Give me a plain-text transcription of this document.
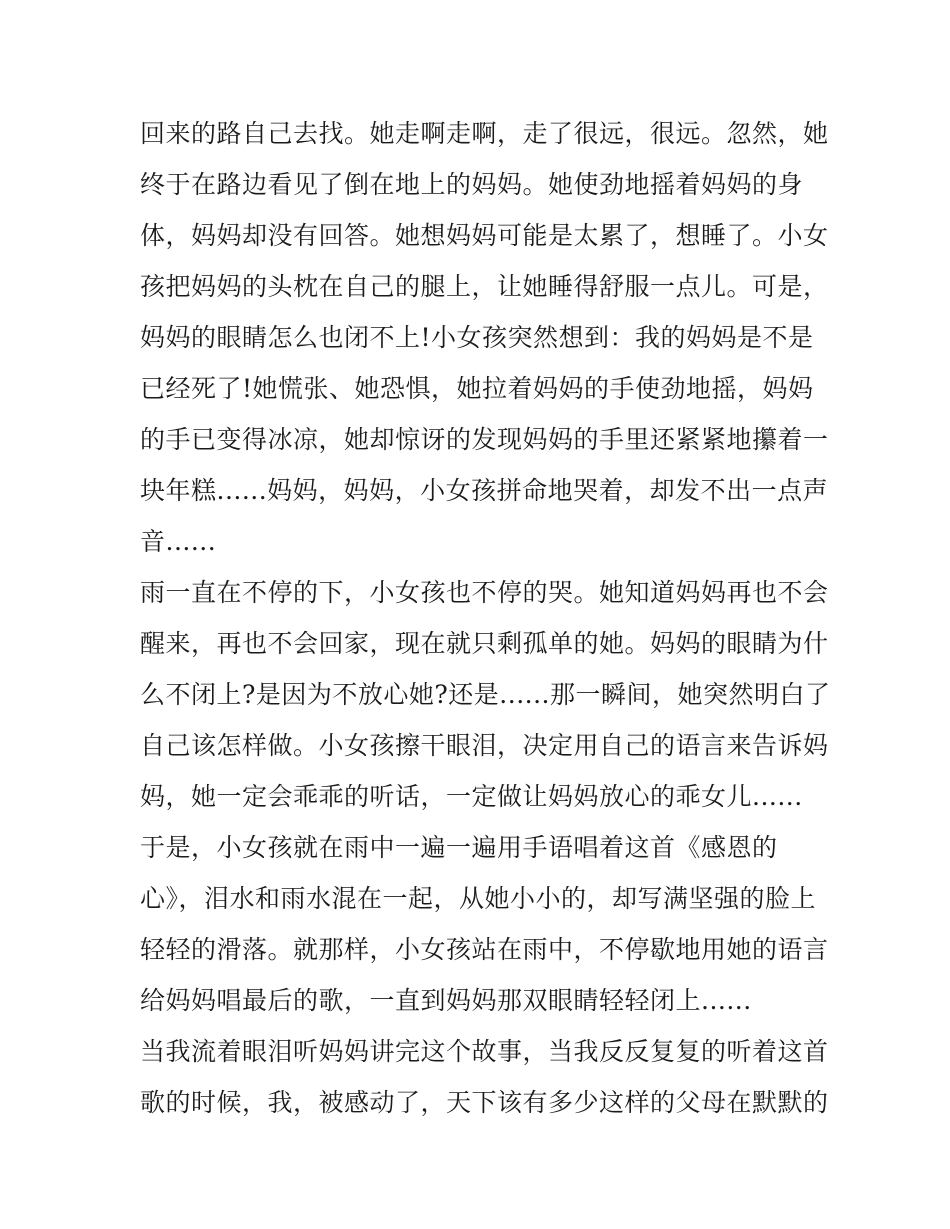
回来的路自己去找。她走啊走啊，走了很远，很远。忽然，她
终于在路边看见了倒在地上的妈妈。她使劲地摇着妈妈的身
体，妈妈却没有回答。她想妈妈可能是太累了，想睡了。小女
孩把妈妈的头枕在自己的腿上，让她睡得舒服一点儿。可是，
妈妈的眼睛怎么也闭不上!小女孩突然想到：我的妈妈是不是
已经死了!她慌张、她恐惧，她拉着妈妈的手使劲地摇，妈妈
的手已变得冰凉，她却惊讶的发现妈妈的手里还紧紧地攥着一
块年糕......妈妈，妈妈，小女孩拼命地哭着，却发不出一点声
音......
雨一直在不停的下，小女孩也不停的哭。她知道妈妈再也不会
醒来，再也不会回家，现在就只剩孤单的她。妈妈的眼睛为什
么不闭上?是因为不放心她?还是......那一瞬间，她突然明白了
自己该怎样做。小女孩擦干眼泪，决定用自己的语言来告诉妈
妈，她一定会乖乖的听话，一定做让妈妈放心的乖女儿......
于是，小女孩就在雨中一遍一遍用手语唱着这首《感恩的
心》，泪水和雨水混在一起，从她小小的，却写满坚强的脸上
轻轻的滑落。就那样，小女孩站在雨中，不停歇地用她的语言
给妈妈唱最后的歌，一直到妈妈那双眼睛轻轻闭上......
当我流着眼泪听妈妈讲完这个故事，当我反反复复的听着这首
歌的时候，我，被感动了，天下该有多少这样的父母在默默的
